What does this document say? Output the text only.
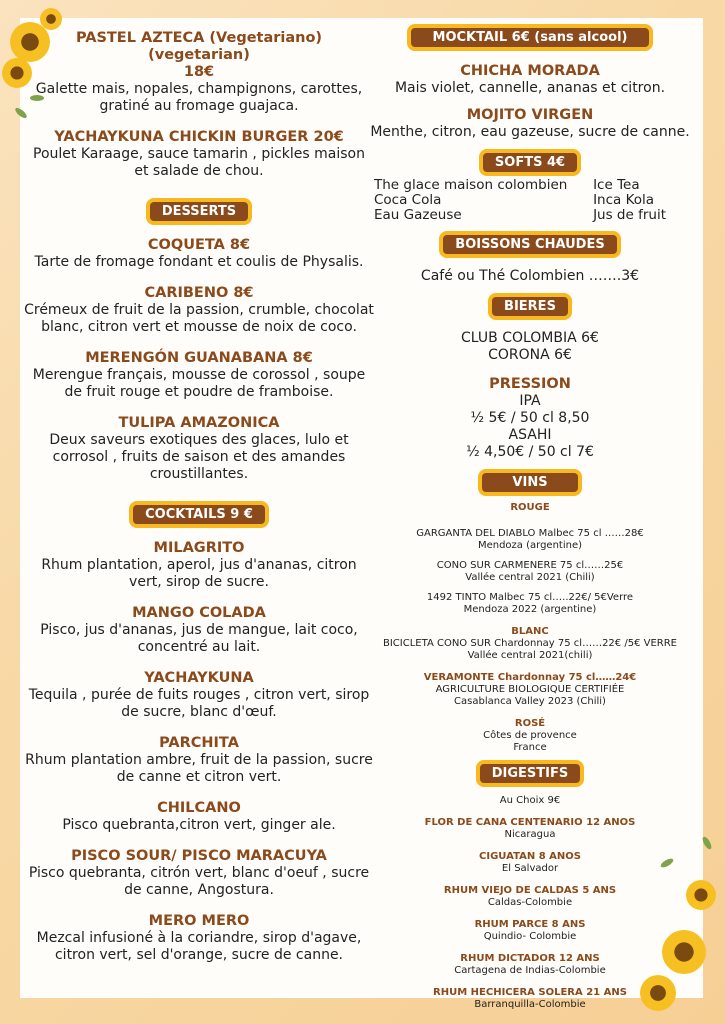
PASTEL AZTECA (Vegetariano) (vegetarian)
18€
Galette mais, nopales, champignons, carottes, gratiné au fromage guajaca.
YACHAYKUNA CHICKIN BURGER 20€
Poulet Karaage, sauce tamarin , pickles maison et salade de chou.
DESSERTS
COQUETA 8€
Tarte de fromage fondant et coulis de Physalis.
CARIBENO 8€
Crémeux de fruit de la passion, crumble, chocolat blanc, citron vert et mousse de noix de coco.
MERENGÓN GUANABANA 8€
Merengue français, mousse de corossol , soupe de fruit rouge et poudre de framboise.
TULIPA AMAZONICA
Deux saveurs exotiques des glaces, lulo et corrosol , fruits de saison et des amandes croustillantes.
COCKTAILS 9 €
MILAGRITO
Rhum plantation, aperol, jus d'ananas, citron vert, sirop de sucre.
MANGO COLADA
Pisco, jus d'ananas, jus de mangue, lait coco, concentré au lait.
YACHAYKUNA
Tequila , purée de fuits rouges , citron vert, sirop de sucre, blanc d'œuf.
PARCHITA
Rhum plantation ambre, fruit de la passion, sucre de canne et citron vert.
CHILCANO
Pisco quebranta,citron vert, ginger ale.
PISCO SOUR/ PISCO MARACUYA
Pisco quebranta, citrón vert, blanc d'oeuf , sucre de canne, Angostura.
MERO MERO
Mezcal infusioné à la coriandre, sirop d'agave, citron vert, sel d'orange, sucre de canne.
MOCKTAIL 6€ (sans alcool)
CHICHA MORADA
Mais violet, cannelle, ananas et citron.
MOJITO VIRGEN
Menthe, citron, eau gazeuse, sucre de canne.
SOFTS 4€
The glace maison colombien
Coca Cola
Eau Gazeuse
Ice Tea
Inca Kola
Jus de fruit
BOISSONS CHAUDES
Café ou Thé Colombien …….3€
BIERES
CLUB COLOMBIA 6€
CORONA 6€
PRESSION
IPA
½ 5€ / 50 cl 8,50
ASAHI
½ 4,50€ / 50 cl 7€
VINS
ROUGE
GARGANTA DEL DIABLO Malbec 75 cl ……28€
Mendoza (argentine)
CONO SUR CARMENERE 75 cl……25€
Vallée central 2021 (Chili)
1492 TINTO Malbec 75 cl…..22€/ 5€Verre
Mendoza 2022 (argentine)
BLANC
BICICLETA CONO SUR Chardonnay 75 cl……22€ /5€ VERRE
Vallée central 2021(chili)
VERAMONTE Chardonnay 75 cl……24€
AGRICULTURE BIOLOGIQUE CERTIFIÉE
Casablanca Valley 2023 (Chili)
ROSÉ
Côtes de provence
France
DIGESTIFS
Au Choix 9€
FLOR DE CANA CENTENARIO 12 ANOS
Nicaragua
CIGUATAN 8 ANOS
El Salvador
RHUM VIEJO DE CALDAS 5 ANS
Caldas-Colombie
RHUM PARCE 8 ANS
Quindio- Colombie
RHUM DICTADOR 12 ANS
Cartagena de Indias-Colombie
RHUM HECHICERA SOLERA 21 ANS
Barranquilla-Colombie
